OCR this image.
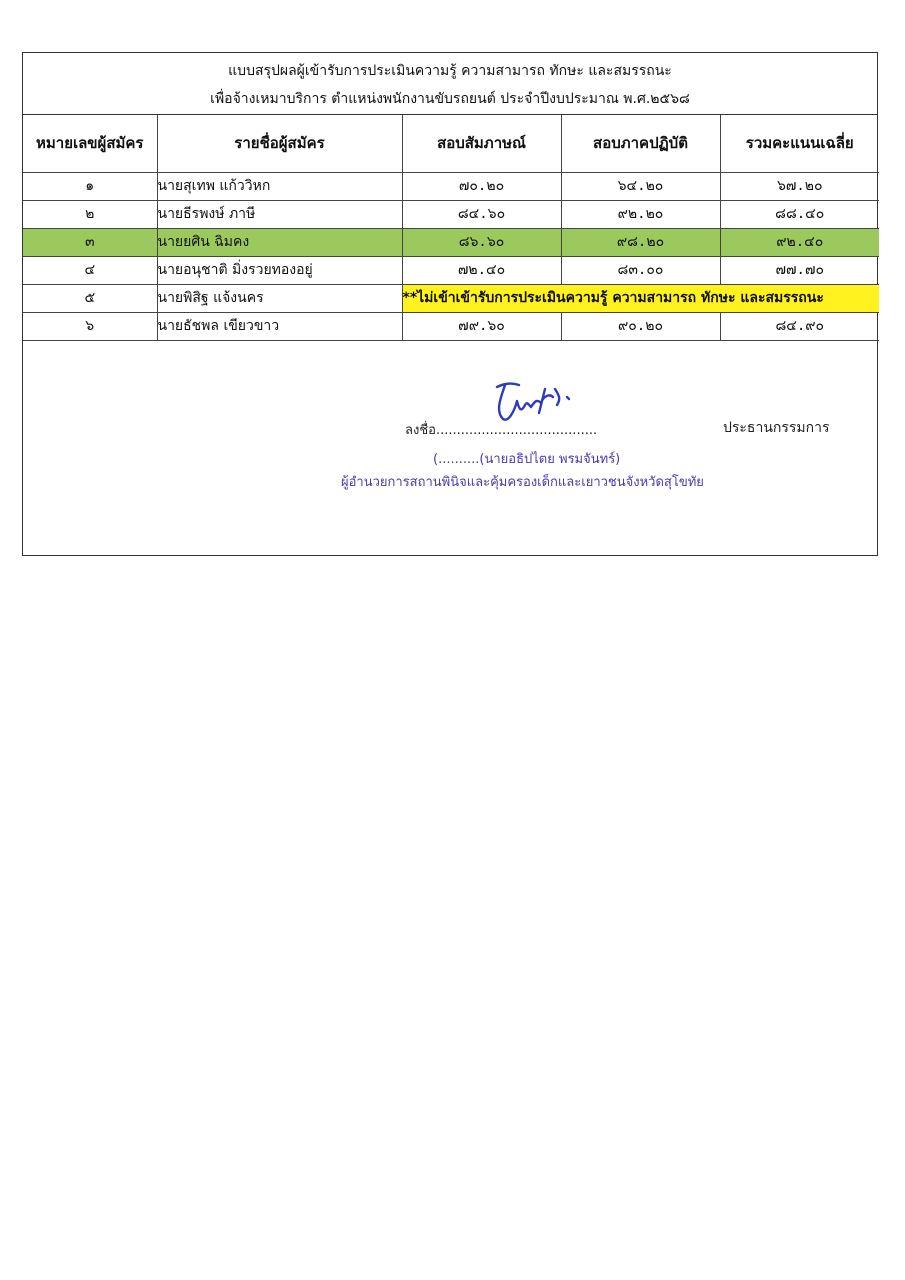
แบบสรุปผลผู้เข้ารับการประเมินความรู้ ความสามารถ ทักษะ และสมรรถนะ
เพื่อจ้างเหมาบริการ ตำแหน่งพนักงานขับรถยนต์ ประจำปีงบประมาณ พ.ศ.๒๕๖๘
หมายเลขผู้สมัคร	รายชื่อผู้สมัคร	สอบสัมภาษณ์	สอบภาคปฏิบัติ	รวมคะแนนเฉลี่ย
๑	นายสุเทพ แก้ววิหก	๗๐.๒๐	๖๔.๒๐	๖๗.๒๐
๒	นายธีรพงษ์ ภาษี	๘๔.๖๐	๙๒.๒๐	๘๘.๔๐
๓	นายยศิน ฉิมคง	๘๖.๖๐	๙๘.๒๐	๙๒.๔๐
๔	นายอนุชาติ มิ่งรวยทองอยู่	๗๒.๔๐	๘๓.๐๐	๗๗.๗๐
๕	นายพิสิฐ แจ้งนคร	**ไม่เข้าเข้ารับการประเมินความรู้ ความสามารถ ทักษะ และสมรรถนะ		
๖	นายธัชพล เขียวขาว	๗๙.๖๐	๙๐.๒๐	๘๔.๙๐
ลงชื่อ.......................................	ประธานกรรมการ
(..........(นายอธิปไตย พรมจันทร์)
ผู้อำนวยการสถานพินิจและคุ้มครองเด็กและเยาวชนจังหวัดสุโขทัย
